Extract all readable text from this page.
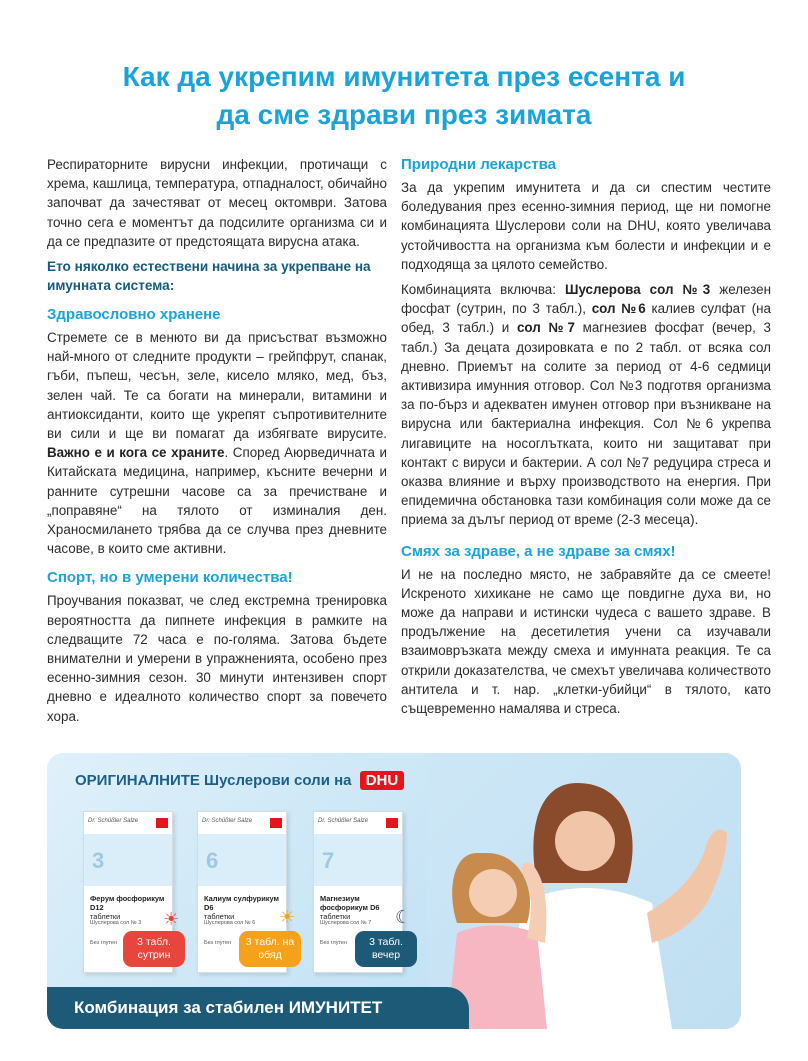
Как да укрепим имунитета през есента и
да сме здрави през зимата

Респираторните вирусни инфекции, протичащи с хрема, кашлица, температура, отпадналост, обичайно започват да зачестяват от месец октомври. Затова точно сега е моментът да подсилите организма си и да се предпазите от предстоящата вирусна атака.

Ето няколко естествени начина за укрепване на имунната система:
Здравословно хранене

Стремете се в менюто ви да присъстват възможно най-много от следните продукти – грейпфрут, спанак, гъби, пъпеш, чесън, зеле, кисело мляко, мед, бъз, зелен чай. Те са богати на минерали, витамини и антиоксиданти, които ще укрепят съпротивителните ви сили и ще ви помагат да избягвате вирусите. Важно е и кога се храните. Според Аюрведичната и Китайската медицина, например, късните вечерни и ранните сутрешни часове са за пречистване и „поправяне“ на тялото от изминалия ден. Храносмилането трябва да се случва през дневните часове, в които сме активни.

Спорт, но в умерени количества!

Проучвания показват, че след екстремна тренировка вероятността да пипнете инфекция в рамките на следващите 72 часа е по-голяма. Затова бъдете внимателни и умерени в упражненията, особено през есенно-зимния сезон. 30 минути интензивен спорт дневно е идеалното количество спорт за повечето хора.

Природни лекарства

За да укрепим имунитета и да си спестим честите боледувания през есенно-зимния период, ще ни помогне комбинацията Шуслерови соли на DHU, която увеличава устойчивостта на организма към болести и инфекции и е подходяща за цялото семейство.

Комбинацията включва: Шуслерова сол №3 железен фосфат (сутрин, по 3 табл.), сол №6 калиев сулфат (на обед, 3 табл.) и сол №7 магнезиев фосфат (вечер, 3 табл.) За децата дозировката е по 2 табл. от всяка сол дневно. Приемът на солите за период от 4-6 седмици активизира имунния отговор. Сол №3 подготвя организма за по-бърз и адекватен имунен отговор при възникване на вирусна или бактериална инфекция. Сол №6 укрепва лигавиците на носоглътката, които ни защитават при контакт с вируси и бактерии. А сол №7 редуцира стреса и оказва влияние и върху производството на енергия. При епидемична обстановка тази комбинация соли може да се приема за дълъг период от време (2-3 месеца).

Смях за здраве, а не здраве за смях!

И не на последно място, не забравяйте да се смеете! Искреното хихикане не само ще повдигне духа ви, но може да направи и истински чудеса с вашето здраве. В продължение на десетилетия учени са изучавали взаимовръзката между смеха и имунната реакция. Те са открили доказателства, че смехът увеличава количеството антитела и т. нар. „клетки-убийци“ в тялото, като същевременно намалява и стреса.

ОРИГИНАЛНИТЕ Шуслерови соли на DHU
Dr. Schüßler Salze
3
Ферум фосфорикум D12
таблетки
Шуслерова сол № 3
Без глутен
☀
3 табл. сутрин
Dr. Schüßler Salze
6
Калиум сулфурикум D6
таблетки
Шуслерова сол № 6
Без глутен
☀
3 табл. на обяд
Dr. Schüßler Salze
7
Магнезиум фосфорикум D6
таблетки
Шуслерова сол № 7
Без глутен
☾
3 табл. вечер
Комбинация за стабилен ИМУНИТЕТ
